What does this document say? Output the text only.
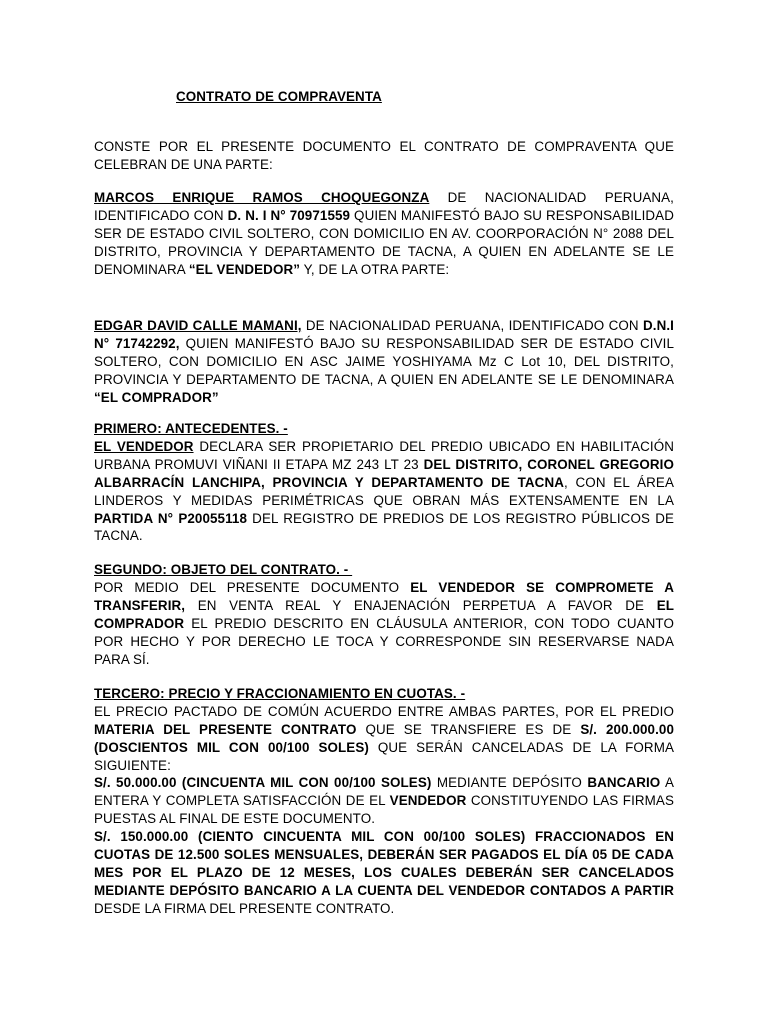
CONTRATO DE COMPRAVENTA

CONSTE POR EL PRESENTE DOCUMENTO EL CONTRATO DE COMPRAVENTA QUE CELEBRAN DE UNA PARTE:

MARCOS ENRIQUE RAMOS CHOQUEGONZA DE NACIONALIDAD PERUANA, IDENTIFICADO CON D. N. I N° 70971559 QUIEN MANIFESTÓ BAJO SU RESPONSABILIDAD SER DE ESTADO CIVIL SOLTERO, CON DOMICILIO EN AV. COORPORACIÓN N° 2088 DEL DISTRITO, PROVINCIA Y DEPARTAMENTO DE TACNA, A QUIEN EN ADELANTE SE LE DENOMINARA “EL VENDEDOR” Y, DE LA OTRA PARTE:

EDGAR DAVID CALLE MAMANI, DE NACIONALIDAD PERUANA, IDENTIFICADO CON D.N.I N° 71742292, QUIEN MANIFESTÓ BAJO SU RESPONSABILIDAD SER DE ESTADO CIVIL SOLTERO, CON DOMICILIO EN ASC JAIME YOSHIYAMA Mz C Lot 10, DEL DISTRITO, PROVINCIA Y DEPARTAMENTO DE TACNA, A QUIEN EN ADELANTE SE LE DENOMINARA “EL COMPRADOR”

PRIMERO: ANTECEDENTES. -
EL VENDEDOR DECLARA SER PROPIETARIO DEL PREDIO UBICADO EN HABILITACIÓN URBANA PROMUVI VIÑANI II ETAPA MZ 243 LT 23 DEL DISTRITO, CORONEL GREGORIO ALBARRACÍN LANCHIPA, PROVINCIA Y DEPARTAMENTO DE TACNA, CON EL ÁREA LINDEROS Y MEDIDAS PERIMÉTRICAS QUE OBRAN MÁS EXTENSAMENTE EN LA PARTIDA N° P20055118 DEL REGISTRO DE PREDIOS DE LOS REGISTRO PÚBLICOS DE TACNA.

SEGUNDO: OBJETO DEL CONTRATO. -
POR MEDIO DEL PRESENTE DOCUMENTO EL VENDEDOR SE COMPROMETE A TRANSFERIR, EN VENTA REAL Y ENAJENACIÓN PERPETUA A FAVOR DE EL COMPRADOR EL PREDIO DESCRITO EN CLÁUSULA ANTERIOR, CON TODO CUANTO POR HECHO Y POR DERECHO LE TOCA Y CORRESPONDE SIN RESERVARSE NADA PARA SÍ.

TERCERO: PRECIO Y FRACCIONAMIENTO EN CUOTAS. -
EL PRECIO PACTADO DE COMÚN ACUERDO ENTRE AMBAS PARTES, POR EL PREDIO MATERIA DEL PRESENTE CONTRATO QUE SE TRANSFIERE ES DE S/. 200.000.00 (DOSCIENTOS MIL CON 00/100 SOLES) QUE SERÁN CANCELADAS DE LA FORMA SIGUIENTE:

S/. 50.000.00 (CINCUENTA MIL CON 00/100 SOLES) MEDIANTE DEPÓSITO BANCARIO A ENTERA Y COMPLETA SATISFACCIÓN DE EL VENDEDOR CONSTITUYENDO LAS FIRMAS PUESTAS AL FINAL DE ESTE DOCUMENTO.

S/. 150.000.00 (CIENTO CINCUENTA MIL CON 00/100 SOLES) FRACCIONADOS EN CUOTAS DE 12.500 SOLES MENSUALES, DEBERÁN SER PAGADOS EL DÍA 05 DE CADA MES POR EL PLAZO DE 12 MESES, LOS CUALES DEBERÁN SER CANCELADOS MEDIANTE DEPÓSITO BANCARIO A LA CUENTA DEL VENDEDOR CONTADOS A PARTIR DESDE LA FIRMA DEL PRESENTE CONTRATO.
